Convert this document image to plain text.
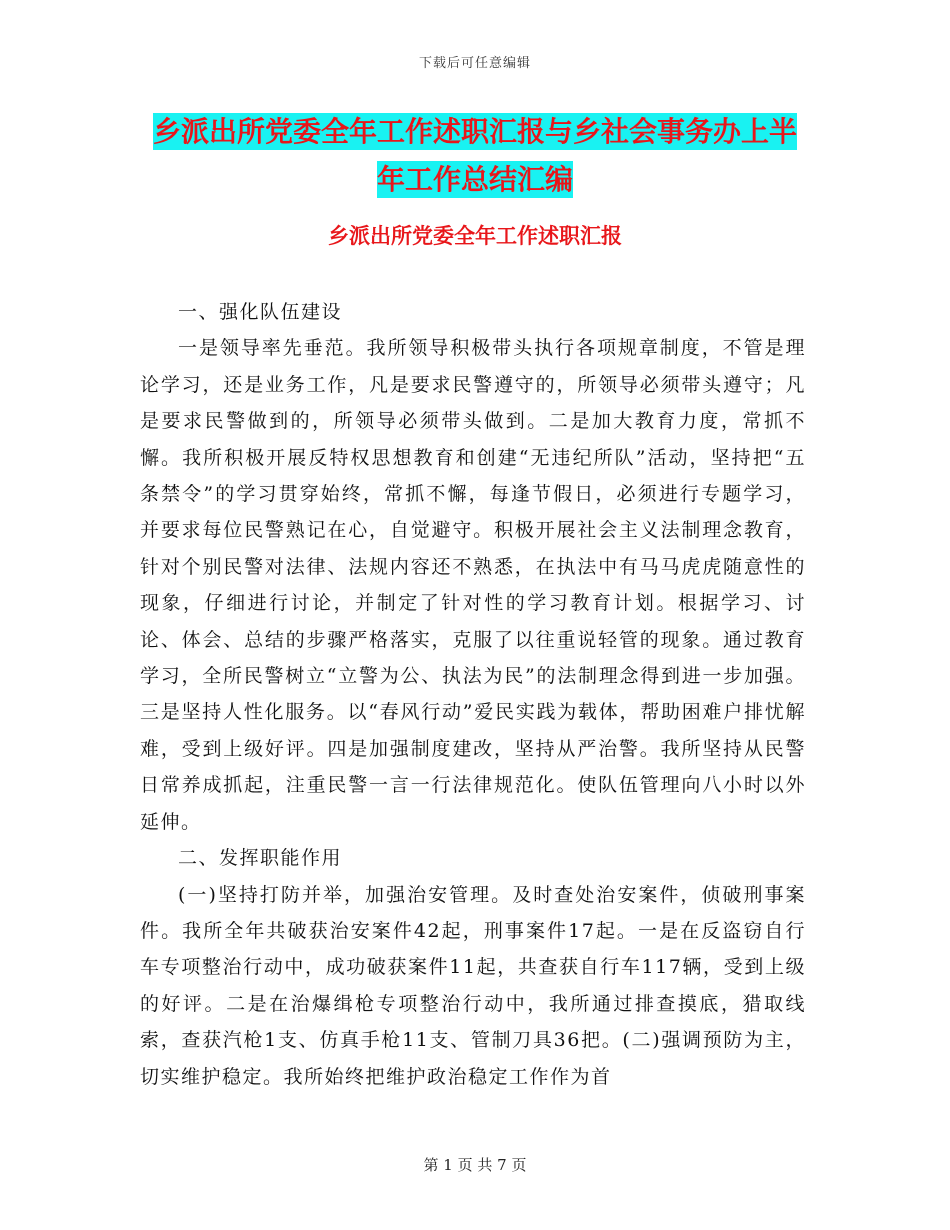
下载后可任意编辑
乡派出所党委全年工作述职汇报与乡社会事务办上半
年工作总结汇编
乡派出所党委全年工作述职汇报

一、强化队伍建设

一是领导率先垂范。我所领导积极带头执行各项规章制度，不管是理论学习，还是业务工作，凡是要求民警遵守的，所领导必须带头遵守；凡是要求民警做到的，所领导必须带头做到。二是加大教育力度，常抓不懈。我所积极开展反特权思想教育和创建“无违纪所队”活动，坚持把“五条禁令”的学习贯穿始终，常抓不懈，每逢节假日，必须进行专题学习，并要求每位民警熟记在心，自觉避守。积极开展社会主义法制理念教育，针对个别民警对法律、法规内容还不熟悉，在执法中有马马虎虎随意性的现象，仔细进行讨论，并制定了针对性的学习教育计划。根据学习、讨论、体会、总结的步骤严格落实，克服了以往重说轻管的现象。通过教育学习，全所民警树立“立警为公、执法为民”的法制理念得到进一步加强。三是坚持人性化服务。以“春风行动”爱民实践为载体，帮助困难户排忧解难，受到上级好评。四是加强制度建改，坚持从严治警。我所坚持从民警日常养成抓起，注重民警一言一行法律规范化。使队伍管理向八小时以外延伸。

二、发挥职能作用

(一)坚持打防并举，加强治安管理。及时查处治安案件，侦破刑事案件。我所全年共破获治安案件42起，刑事案件17起。一是在反盗窃自行车专项整治行动中，成功破获案件11起，共查获自行车117辆，受到上级的好评。二是在治爆缉枪专项整治行动中，我所通过排查摸底，猎取线索，查获汽枪1支、仿真手枪11支、管制刀具36把。(二)强调预防为主，切实维护稳定。我所始终把维护政治稳定工作作为首

第 1 页 共 7 页
